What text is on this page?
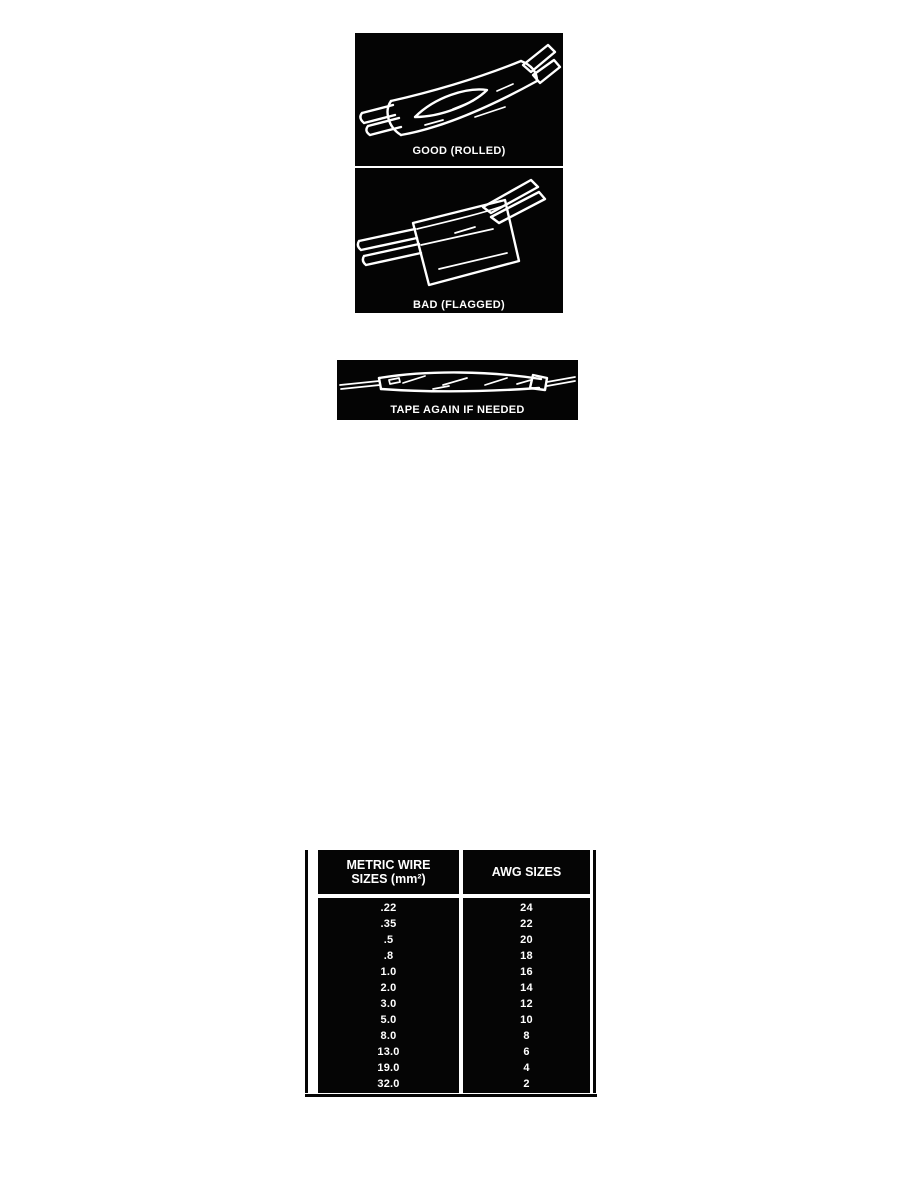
GOOD (ROLLED)
BAD (FLAGGED)
TAPE AGAIN IF NEEDED
METRIC WIRE SIZES (mm²)	AWG SIZES
.22
.35
.5
.8
1.0
2.0
3.0
5.0
8.0
13.0
19.0
32.0
24
22
20
18
16
14
12
10
8
6
4
2
